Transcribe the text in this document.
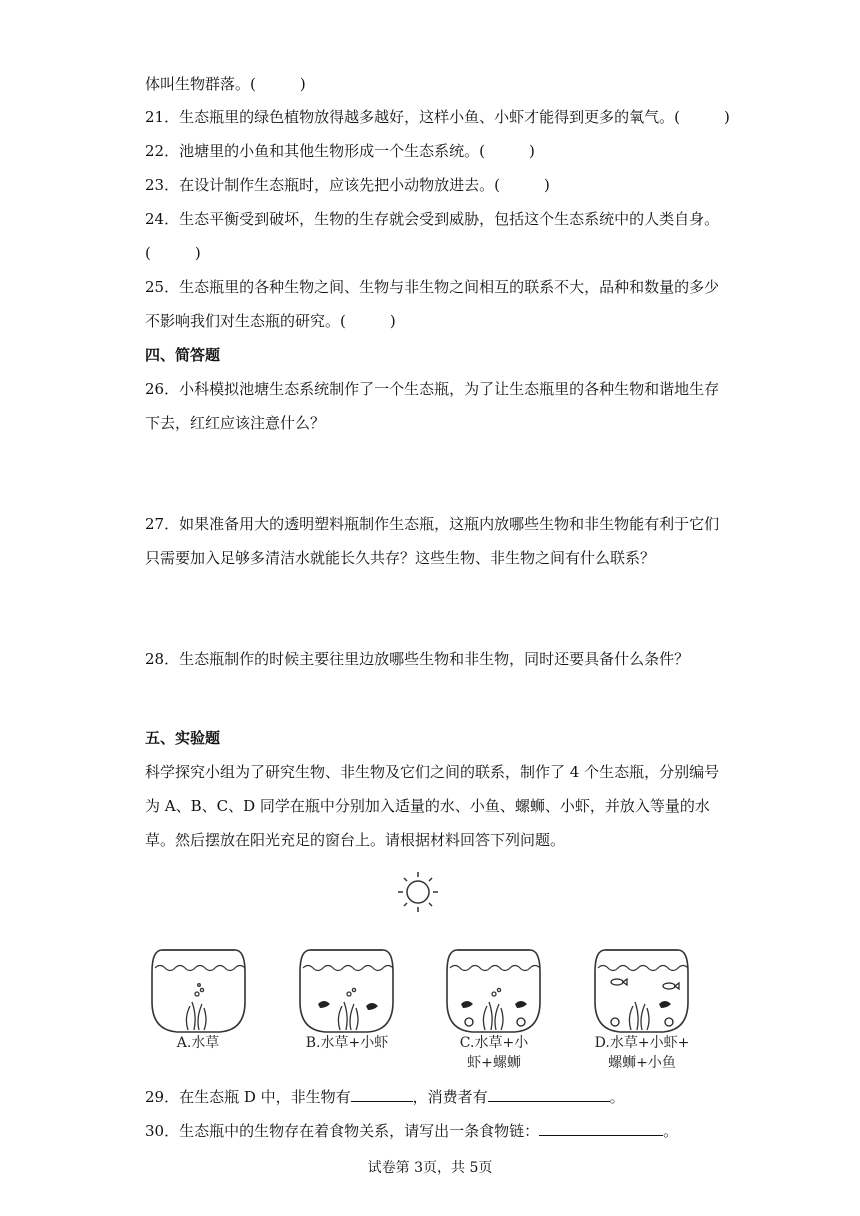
体叫生物群落。(	)
21．生态瓶里的绿色植物放得越多越好，这样小鱼、小虾才能得到更多的氧气。(	)
22．池塘里的小鱼和其他生物形成一个生态系统。(	)
23．在设计制作生态瓶时，应该先把小动物放进去。(	)
24．生态平衡受到破坏，生物的生存就会受到威胁，包括这个生态系统中的人类自身。
(	)
25．生态瓶里的各种生物之间、生物与非生物之间相互的联系不大，品种和数量的多少
不影响我们对生态瓶的研究。(	)
四、简答题
26．小科模拟池塘生态系统制作了一个生态瓶，为了让生态瓶里的各种生物和谐地生存
下去，红红应该注意什么？
27．如果准备用大的透明塑料瓶制作生态瓶，这瓶内放哪些生物和非生物能有利于它们
只需要加入足够多清洁水就能长久共存？这些生物、非生物之间有什么联系？
28．生态瓶制作的时候主要往里边放哪些生物和非生物，同时还要具备什么条件？
五、实验题
科学探究小组为了研究生物、非生物及它们之间的联系，制作了 4 个生态瓶，分别编号
为 A、B、C、D 同学在瓶中分别加入适量的水、小鱼、螺蛳、小虾，并放入等量的水
草。然后摆放在阳光充足的窗台上。请根据材料回答下列问题。
A.水草	B.水草+小虾	C.水草+小
虾+螺蛳
D.水草+小虾+
螺蛳+小鱼
29．在生态瓶 D 中，非生物有	，消费者有	。
30．生态瓶中的生物存在着食物关系，请写出一条食物链：	。
试卷第 3页，共 5页
